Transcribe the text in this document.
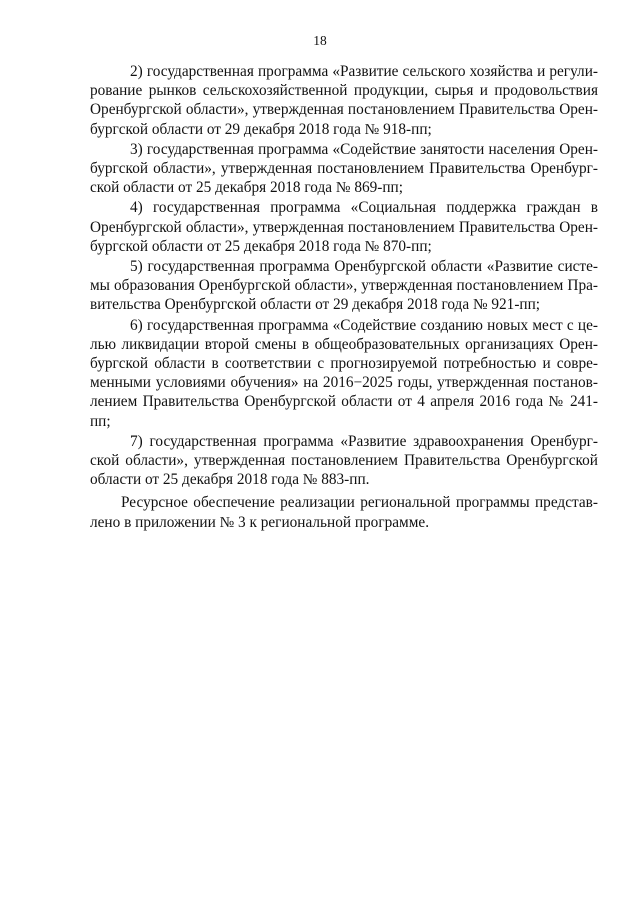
18

2) государственная программа «Развитие сельского хозяйства и регулирование рынков сельскохозяйственной продукции, сырья и продовольствия Оренбургской области», утвержденная постановлением Правительства Оренбургской области от 29 декабря 2018 года № 918-пп;

3) государственная программа «Содействие занятости населения Оренбургской области», утвержденная постановлением Правительства Оренбургской области от 25 декабря 2018 года № 869-пп;

4) государственная программа «Социальная поддержка граждан в Оренбургской области», утвержденная постановлением Правительства Оренбургской области от 25 декабря 2018 года № 870-пп;

5) государственная программа Оренбургской области «Развитие системы образования Оренбургской области», утвержденная постановлением Правительства Оренбургской области от 29 декабря 2018 года № 921-пп;

6) государственная программа «Содействие созданию новых мест с целью ликвидации второй смены в общеобразовательных организациях Оренбургской области в соответствии с прогнозируемой потребностью и современными условиями обучения» на 2016−2025 годы, утвержденная постановлением Правительства Оренбургской области от 4 апреля 2016 года № 241-пп;

7) государственная программа «Развитие здравоохранения Оренбургской области», утвержденная постановлением Правительства Оренбургской области от 25 декабря 2018 года № 883-пп.

Ресурсное обеспечение реализации региональной программы представлено в приложении № 3 к региональной программе.
